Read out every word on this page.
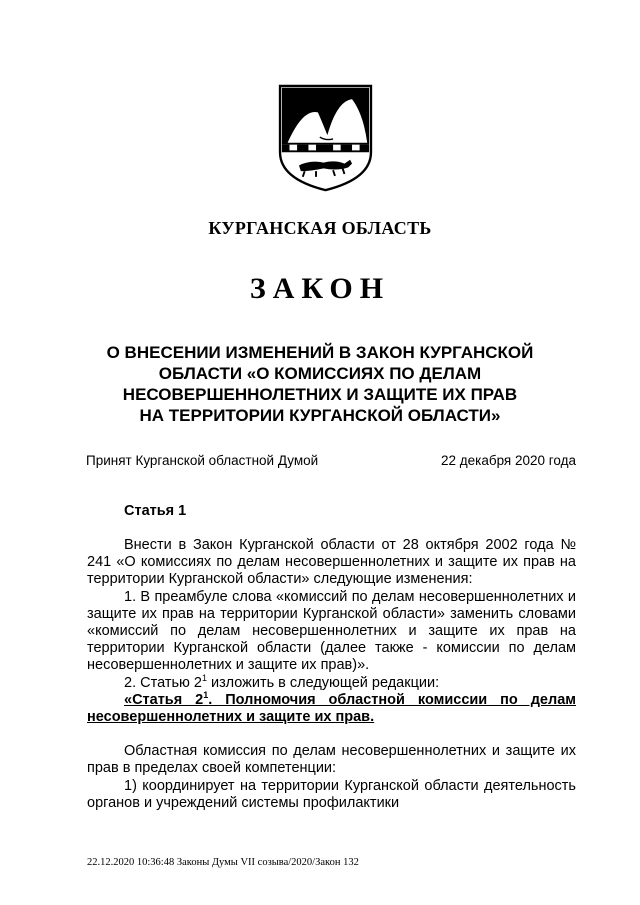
КУРГАНСКАЯ ОБЛАСТЬ
ЗАКОН
О ВНЕСЕНИИ ИЗМЕНЕНИЙ В ЗАКОН КУРГАНСКОЙ
ОБЛАСТИ «О КОМИССИЯХ ПО ДЕЛАМ
НЕСОВЕРШЕННОЛЕТНИХ И ЗАЩИТЕ ИХ ПРАВ
НА ТЕРРИТОРИИ КУРГАНСКОЙ ОБЛАСТИ»
Принят Курганской областной Думой	22 декабря 2020 года
Статья 1

Внести в Закон Курганской области от 28 октября 2002 года № 241 «О комиссиях по делам несовершеннолетних и защите их прав на территории Курганской области» следующие изменения:

1. В преамбуле слова «комиссий по делам несовершеннолетних и защите их прав на территории Курганской области» заменить словами «комиссий по делам несовершеннолетних и защите их прав на территории Курганской области (далее также - комиссии по делам несовершеннолетних и защите их прав)».

2. Статью $2^1$ изложить в следующей редакции:

«Статья $2^1$. Полномочия областной комиссии по делам несовершеннолетних и защите их прав.

Областная комиссия по делам несовершеннолетних и защите их прав в пределах своей компетенции:

1) координирует на территории Курганской области деятельность органов и учреждений системы профилактики

22.12.2020 10:36:48 Законы Думы VII созыва/2020/Закон 132
